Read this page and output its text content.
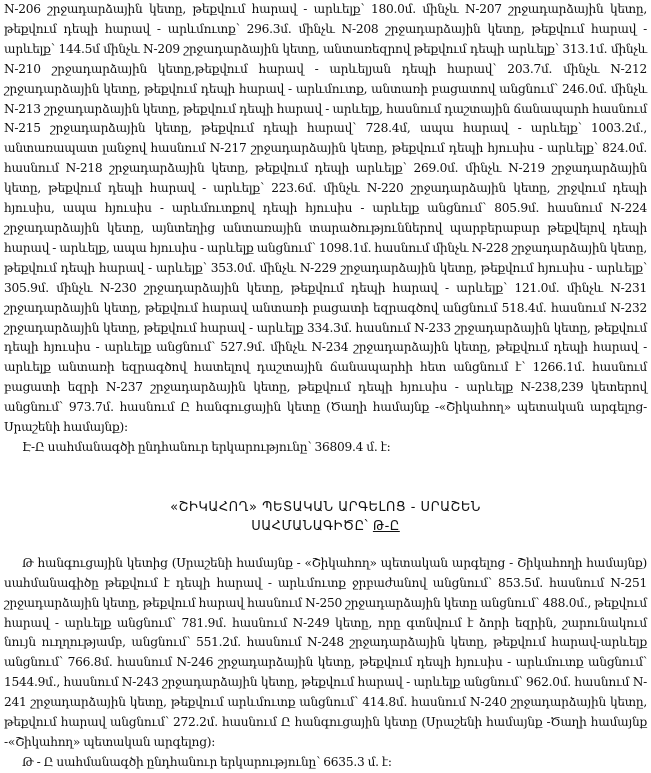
N-206 շրջադարձային կետը, թեքվում հարավ - արևելք՝ 180.0մ. մինչև N-207 շրջադարձային կետը, թեքվում դեպի հարավ - արևմուտք՝ 296.3մ. մինչև N-208 շրջադարձային կետը, թեքվում հարավ - արևելք՝ 144.5մ մինչև N-209 շրջադարձային կետը, անտառեզրով թեքվում դեպի արևելք՝ 313.1մ. մինչև N-210 շրջադարձային կետը,թեքվում հարավ - արևելյան դեպի հարավ՝ 203.7մ. մինչև N-212 շրջադարձային կետը, թեքվում դեպի հարավ - արևմուտք, անտառի բացատով անցնում՝ 246.0մ. մինչև N-213 շրջադարձային կետը, թեքվում դեպի հարավ - արևելք, հասնում դաշտային ճանապարհ հասնում N-215 շրջադարձային կետը, թեքվում դեպի հարավ՝ 728.4մ, ապա հարավ - արևելք՝ 1003.2մ., անտառապատ լանջով հասնում N-217 շրջադարձային կետը, թեքվում դեպի հյուսիս - արևելք՝ 824.0մ. հասնում N-218 շրջադարձային կետը, թեքվում դեպի արևելք՝ 269.0մ. մինչև N-219 շրջադարձային կետը, թեքվում դեպի հարավ - արևելք՝ 223.6մ. մինչև N-220 շրջադարձային կետը, շրջվում դեպի հյուսիս, ապա հյուսիս - արևմուտքով դեպի հյուսիս - արևելք անցնում՝ 805.9մ. հասնում N-224 շրջադարձային կետը, այնտեղից անտառային տարածություններով պարբերաբար թեքվելով դեպի հարավ - արևելք, ապա հյուսիս - արևելք անցնում՝ 1098.1մ. հասնում մինչև N-228 շրջադարձային կետը, թեքվում դեպի հարավ - արևելք՝ 353.0մ. մինչև N-229 շրջադարձային կետը, թեքվում հյուսիս - արևելք՝ 305.9մ. մինչև N-230 շրջադարձային կետը, թեքվում դեպի հարավ - արևելք՝ 121.0մ. մինչև N-231 շրջադարձային կետը, թեքվում հարավ անտառի բացատի եզրագծով անցնում 518.4մ. հասնում N-232 շրջադարձային կետը, թեքվում հարավ - արևելք 334.3մ. հասնում N-233 շրջադարձային կետը, թեքվում դեպի հյուսիս - արևելք անցնում՝ 527.9մ. մինչև N-234 շրջադարձային կետը, թեքվում դեպի հարավ - արևելք անտառի եզրագծով հատելով դաշտային ճանապարհի հետ անցնում է՝ 1266.1մ. հասնում բացատի եզրի N-237 շրջադարձային կետը, թեքվում դեպի հյուսիս - արևելք N-238,239 կետերով անցնում՝ 973.7մ. հասնում Ը հանգուցային կետը (Ծաղի համայնք -«Շիկահող» պետական արգելոց-Սրաշենի համայնք):

Է-Ը սահմանագծի ընդհանուր երկարությունը՝ 36809.4 մ. է:

«ՇԻԿԱՀՈՂ» ՊԵՏԱԿԱՆ ԱՐԳԵԼՈՑ - ՍՐԱՇԵՆ
ՍԱՀՄԱՆԱԳԻԾԸ՝ Թ-Ը

Թ հանգուցային կետից (Սրաշենի համայնք - «Շիկահող» պետական արգելոց - Շիկահողի համայնք) սահմանագիծը թեքվում է դեպի հարավ - արևմուտք ջրբաժանով անցնում՝ 853.5մ. հասնում N-251 շրջադարձային կետը, թեքվում հարավ հասնում N-250 շրջադարձային կետը անցնում՝ 488.0մ., թեքվում հարավ - արևելք անցնում՝ 781.9մ. հասնում N-249 կետը, որը գտնվում է ձորի եզրին, շարունակում նույն ուղղությամբ, անցնում՝ 551.2մ. հասնում N-248 շրջադարձային կետը, թեքվում հարավ-արևելք անցնում՝ 766.8մ. հասնում N-246 շրջադարձային կետը, թեքվում դեպի հյուսիս - արևմուտք անցնում՝ 1544.9մ., հասնում N-243 շրջադարձային կետը, թեքվում հարավ - արևելք անցնում՝ 962.0մ. հասնում N-241 շրջադարձային կետը, թեքվում արևմուտք անցնում՝ 414.8մ. հասնում N-240 շրջադարձային կետը, թեքվում հարավ անցնում՝ 272.2մ. հասնում Ը հանգուցային կետը (Սրաշենի համայնք -Ծաղի համայնք -«Շիկահող» պետական արգելոց):

Թ - Ը սահմանագծի ընդհանուր երկարությունը՝ 6635.3 մ. է:
